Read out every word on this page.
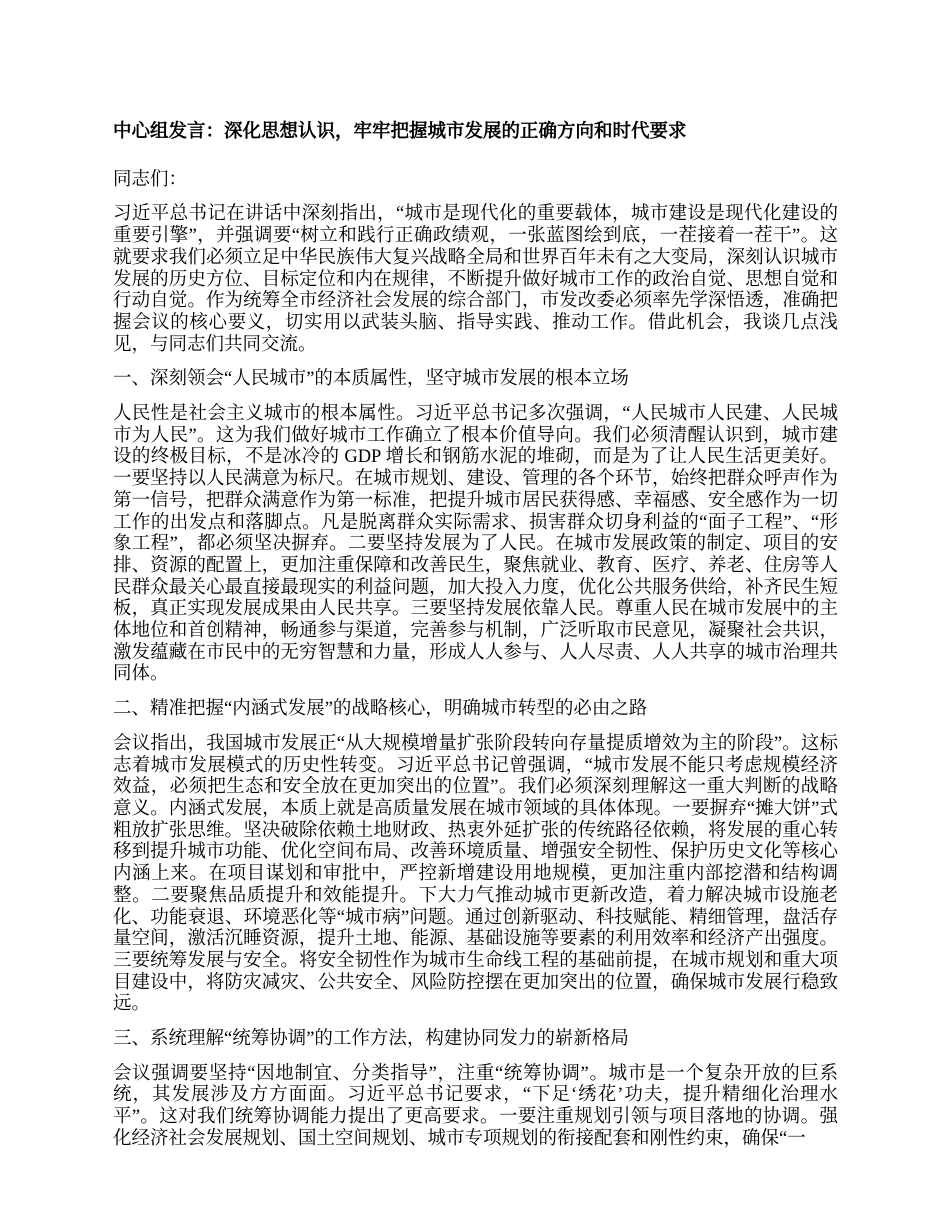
中心组发言：深化思想认识，牢牢把握城市发展的正确方向和时代要求

同志们：

习近平总书记在讲话中深刻指出，“城市是现代化的重要载体，城市建设是现代化建设的重要引擎”，并强调要“树立和践行正确政绩观，一张蓝图绘到底，一茬接着一茬干”。这就要求我们必须立足中华民族伟大复兴战略全局和世界百年未有之大变局，深刻认识城市发展的历史方位、目标定位和内在规律，不断提升做好城市工作的政治自觉、思想自觉和行动自觉。作为统筹全市经济社会发展的综合部门，市发改委必须率先学深悟透，准确把握会议的核心要义，切实用以武装头脑、指导实践、推动工作。借此机会，我谈几点浅见，与同志们共同交流。

一、深刻领会“人民城市”的本质属性，坚守城市发展的根本立场

人民性是社会主义城市的根本属性。习近平总书记多次强调，“人民城市人民建、人民城市为人民”。这为我们做好城市工作确立了根本价值导向。我们必须清醒认识到，城市建设的终极目标，不是冰冷的 GDP 增长和钢筋水泥的堆砌，而是为了让人民生活更美好。一要坚持以人民满意为标尺。在城市规划、建设、管理的各个环节，始终把群众呼声作为第一信号，把群众满意作为第一标准，把提升城市居民获得感、幸福感、安全感作为一切工作的出发点和落脚点。凡是脱离群众实际需求、损害群众切身利益的“面子工程”、“形象工程”，都必须坚决摒弃。二要坚持发展为了人民。在城市发展政策的制定、项目的安排、资源的配置上，更加注重保障和改善民生，聚焦就业、教育、医疗、养老、住房等人民群众最关心最直接最现实的利益问题，加大投入力度，优化公共服务供给，补齐民生短板，真正实现发展成果由人民共享。三要坚持发展依靠人民。尊重人民在城市发展中的主体地位和首创精神，畅通参与渠道，完善参与机制，广泛听取市民意见，凝聚社会共识，激发蕴藏在市民中的无穷智慧和力量，形成人人参与、人人尽责、人人共享的城市治理共同体。

二、精准把握“内涵式发展”的战略核心，明确城市转型的必由之路

会议指出，我国城市发展正“从大规模增量扩张阶段转向存量提质增效为主的阶段”。这标志着城市发展模式的历史性转变。习近平总书记曾强调，“城市发展不能只考虑规模经济效益，必须把生态和安全放在更加突出的位置”。我们必须深刻理解这一重大判断的战略意义。内涵式发展，本质上就是高质量发展在城市领域的具体体现。一要摒弃“摊大饼”式粗放扩张思维。坚决破除依赖土地财政、热衷外延扩张的传统路径依赖，将发展的重心转移到提升城市功能、优化空间布局、改善环境质量、增强安全韧性、保护历史文化等核心内涵上来。在项目谋划和审批中，严控新增建设用地规模，更加注重内部挖潜和结构调整。二要聚焦品质提升和效能提升。下大力气推动城市更新改造，着力解决城市设施老化、功能衰退、环境恶化等“城市病”问题。通过创新驱动、科技赋能、精细管理，盘活存量空间，激活沉睡资源，提升土地、能源、基础设施等要素的利用效率和经济产出强度。三要统筹发展与安全。将安全韧性作为城市生命线工程的基础前提，在城市规划和重大项目建设中，将防灾减灾、公共安全、风险防控摆在更加突出的位置，确保城市发展行稳致远。

三、系统理解“统筹协调”的工作方法，构建协同发力的崭新格局

会议强调要坚持“因地制宜、分类指导”，注重“统筹协调”。城市是一个复杂开放的巨系统，其发展涉及方方面面。习近平总书记要求，“下足‘绣花’功夫，提升精细化治理水平”。这对我们统筹协调能力提出了更高要求。一要注重规划引领与项目落地的协调。强化经济社会发展规划、国土空间规划、城市专项规划的衔接配套和刚性约束，确保“一
